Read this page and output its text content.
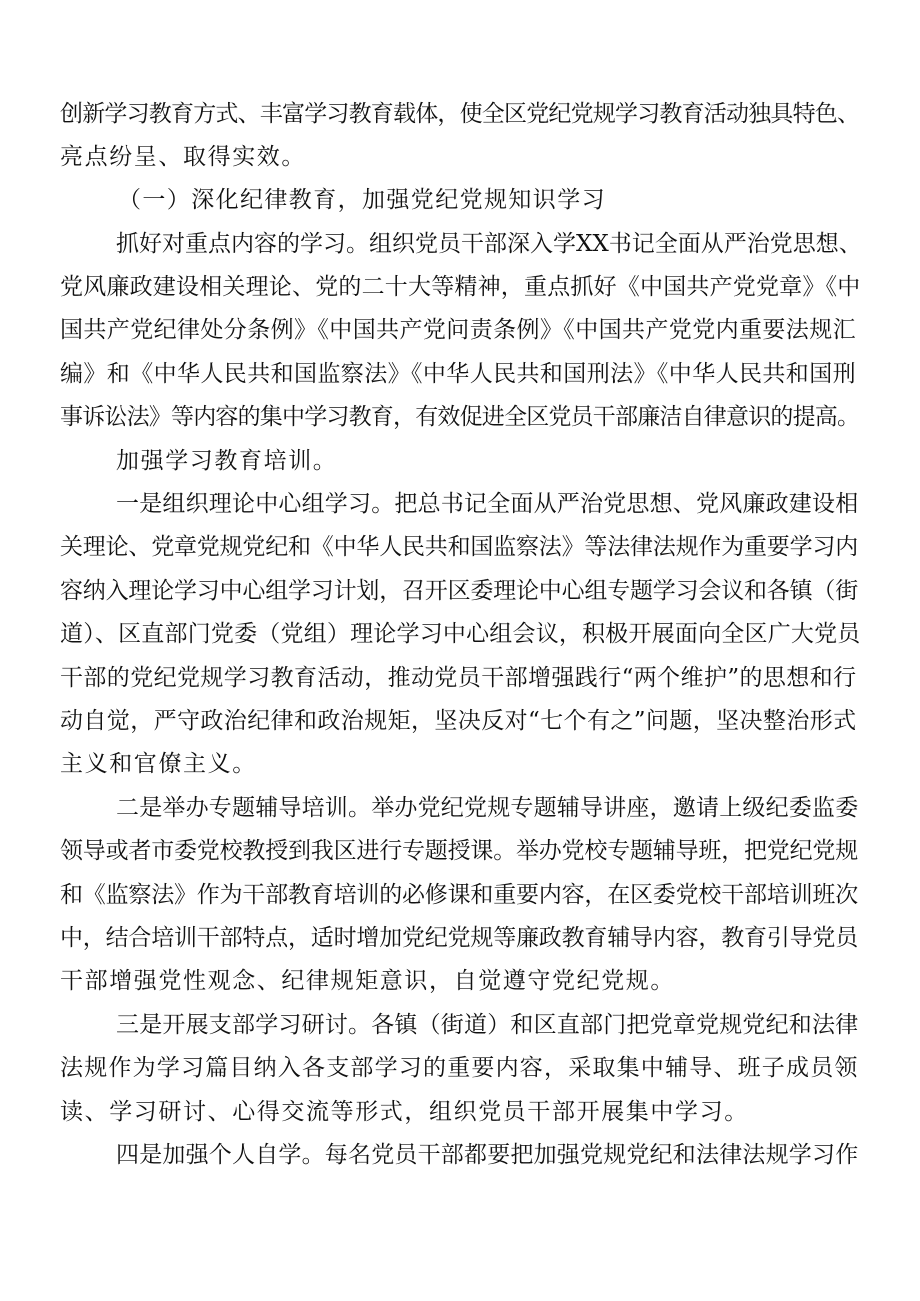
创新学习教育方式、丰富学习教育载体，使全区党纪党规学习教育活动独具特色、

亮点纷呈、取得实效。

（一）深化纪律教育，加强党纪党规知识学习

抓好对重点内容的学习。组织党员干部深入学XX书记全面从严治党思想、

党风廉政建设相关理论、党的二十大等精神，重点抓好《中国共产党党章》《中

国共产党纪律处分条例》《中国共产党问责条例》《中国共产党党内重要法规汇

编》和《中华人民共和国监察法》《中华人民共和国刑法》《中华人民共和国刑

事诉讼法》等内容的集中学习教育，有效促进全区党员干部廉洁自律意识的提高。

加强学习教育培训。

一是组织理论中心组学习。把总书记全面从严治党思想、党风廉政建设相

关理论、党章党规党纪和《中华人民共和国监察法》等法律法规作为重要学习内

容纳入理论学习中心组学习计划，召开区委理论中心组专题学习会议和各镇（街

道）、区直部门党委（党组）理论学习中心组会议，积极开展面向全区广大党员

干部的党纪党规学习教育活动，推动党员干部增强践行“两个维护”的思想和行

动自觉，严守政治纪律和政治规矩，坚决反对“七个有之”问题，坚决整治形式

主义和官僚主义。

二是举办专题辅导培训。举办党纪党规专题辅导讲座，邀请上级纪委监委

领导或者市委党校教授到我区进行专题授课。举办党校专题辅导班，把党纪党规

和《监察法》作为干部教育培训的必修课和重要内容，在区委党校干部培训班次

中，结合培训干部特点，适时增加党纪党规等廉政教育辅导内容，教育引导党员

干部增强党性观念、纪律规矩意识，自觉遵守党纪党规。

三是开展支部学习研讨。各镇（街道）和区直部门把党章党规党纪和法律

法规作为学习篇目纳入各支部学习的重要内容，采取集中辅导、班子成员领

读、学习研讨、心得交流等形式，组织党员干部开展集中学习。

四是加强个人自学。每名党员干部都要把加强党规党纪和法律法规学习作
